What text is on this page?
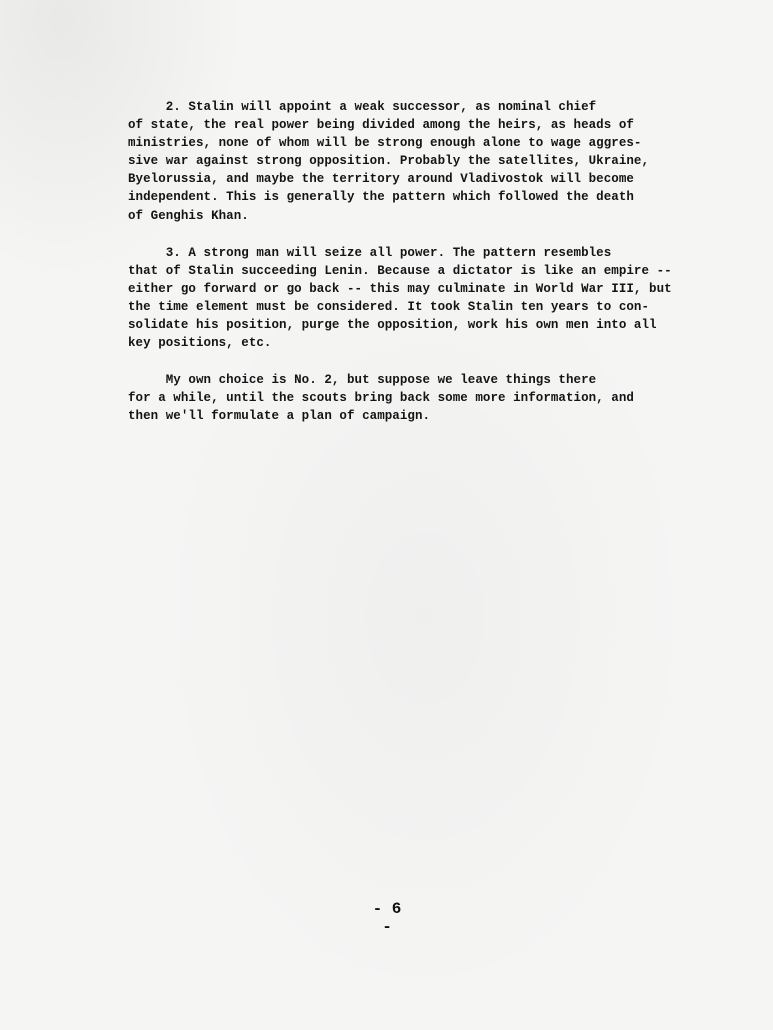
2. Stalin will appoint a weak successor, as nominal chief
of state, the real power being divided among the heirs, as heads of
ministries, none of whom will be strong enough alone to wage aggres-
sive war against strong opposition. Probably the satellites, Ukraine,
Byelorussia, and maybe the territory around Vladivostok will become
independent. This is generally the pattern which followed the death
of Genghis Khan.
3. A strong man will seize all power. The pattern resembles
that of Stalin succeeding Lenin. Because a dictator is like an empire --
either go forward or go back -- this may culminate in World War III, but
the time element must be considered. It took Stalin ten years to con-
solidate his position, purge the opposition, work his own men into all
key positions, etc.
My own choice is No. 2, but suppose we leave things there
for a while, until the scouts bring back some more information, and
then we'll formulate a plan of campaign.
- 6 -
